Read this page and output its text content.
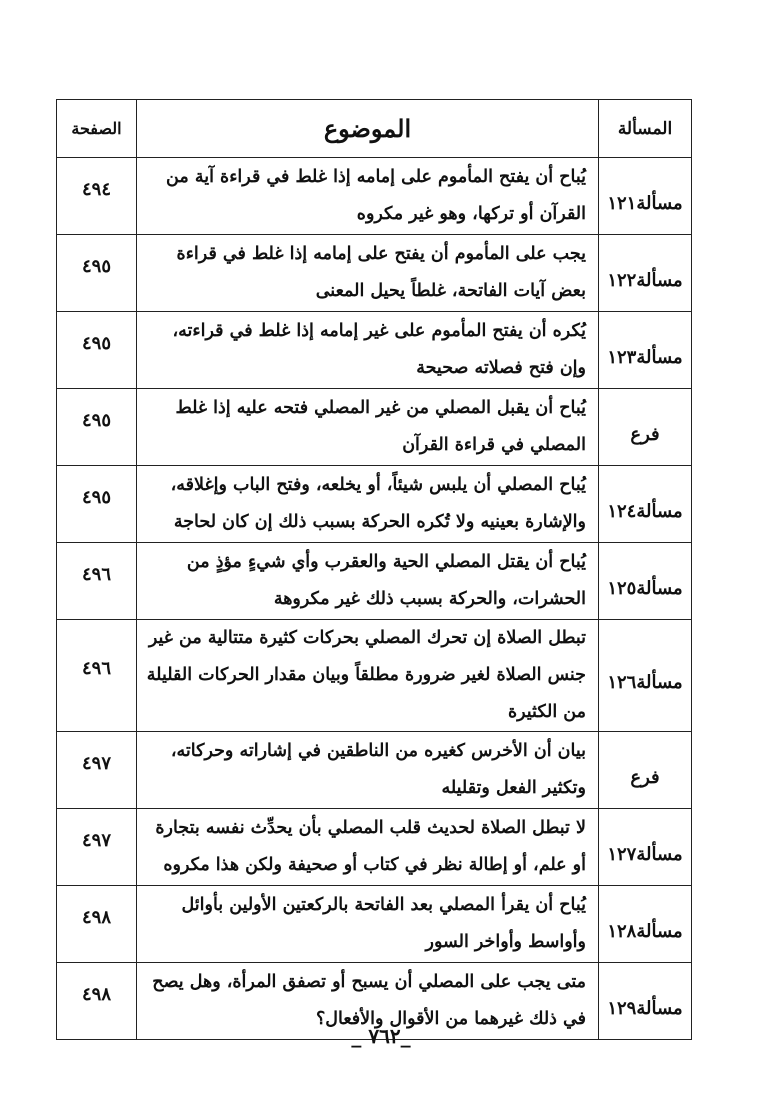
المسألة	الموضوع	الصفحة
مسألة١٢١	يُباح أن يفتح المأموم على إمامه إذا غلط في قراءة آية من القرآن أو تركها، وهو غير مكروه	٤٩٤
مسألة١٢٢	يجب على المأموم أن يفتح على إمامه إذا غلط في قراءة بعض آيات الفاتحة، غلطاً يحيل المعنى	٤٩٥
مسألة١٢٣	يُكره أن يفتح المأموم على غير إمامه إذا غلط في قراءته، وإن فتح فصلاته صحيحة	٤٩٥
فرع	يُباح أن يقبل المصلي من غير المصلي فتحه عليه إذا غلط المصلي في قراءة القرآن	٤٩٥
مسألة١٢٤	يُباح المصلي أن يلبس شيئاً، أو يخلعه، وفتح الباب وإغلاقه، والإشارة بعينيه ولا تُكره الحركة بسبب ذلك إن كان لحاجة	٤٩٥
مسألة١٢٥	يُباح أن يقتل المصلي الحية والعقرب وأي شيءٍ مؤذٍ من الحشرات، والحركة بسبب ذلك غير مكروهة	٤٩٦
مسألة١٢٦	تبطل الصلاة إن تحرك المصلي بحركات كثيرة متتالية من غير جنس الصلاة لغير ضرورة مطلقاً وبيان مقدار الحركات القليلة من الكثيرة	٤٩٦
فرع	بيان أن الأخرس كغيره من الناطقين في إشاراته وحركاته، وتكثير الفعل وتقليله	٤٩٧
مسألة١٢٧	لا تبطل الصلاة لحديث قلب المصلي بأن يحدِّث نفسه بتجارة أو علم، أو إطالة نظر في كتاب أو صحيفة ولكن هذا مكروه	٤٩٧
مسألة١٢٨	يُباح أن يقرأ المصلي بعد الفاتحة بالركعتين الأولين بأوائل وأواسط وأواخر السور	٤٩٨
مسألة١٢٩	متى يجب على المصلي أن يسبح أو تصفق المرأة، وهل يصح في ذلك غيرهما من الأقوال والأفعال؟	٤٩٨
_٧٦٢ _
